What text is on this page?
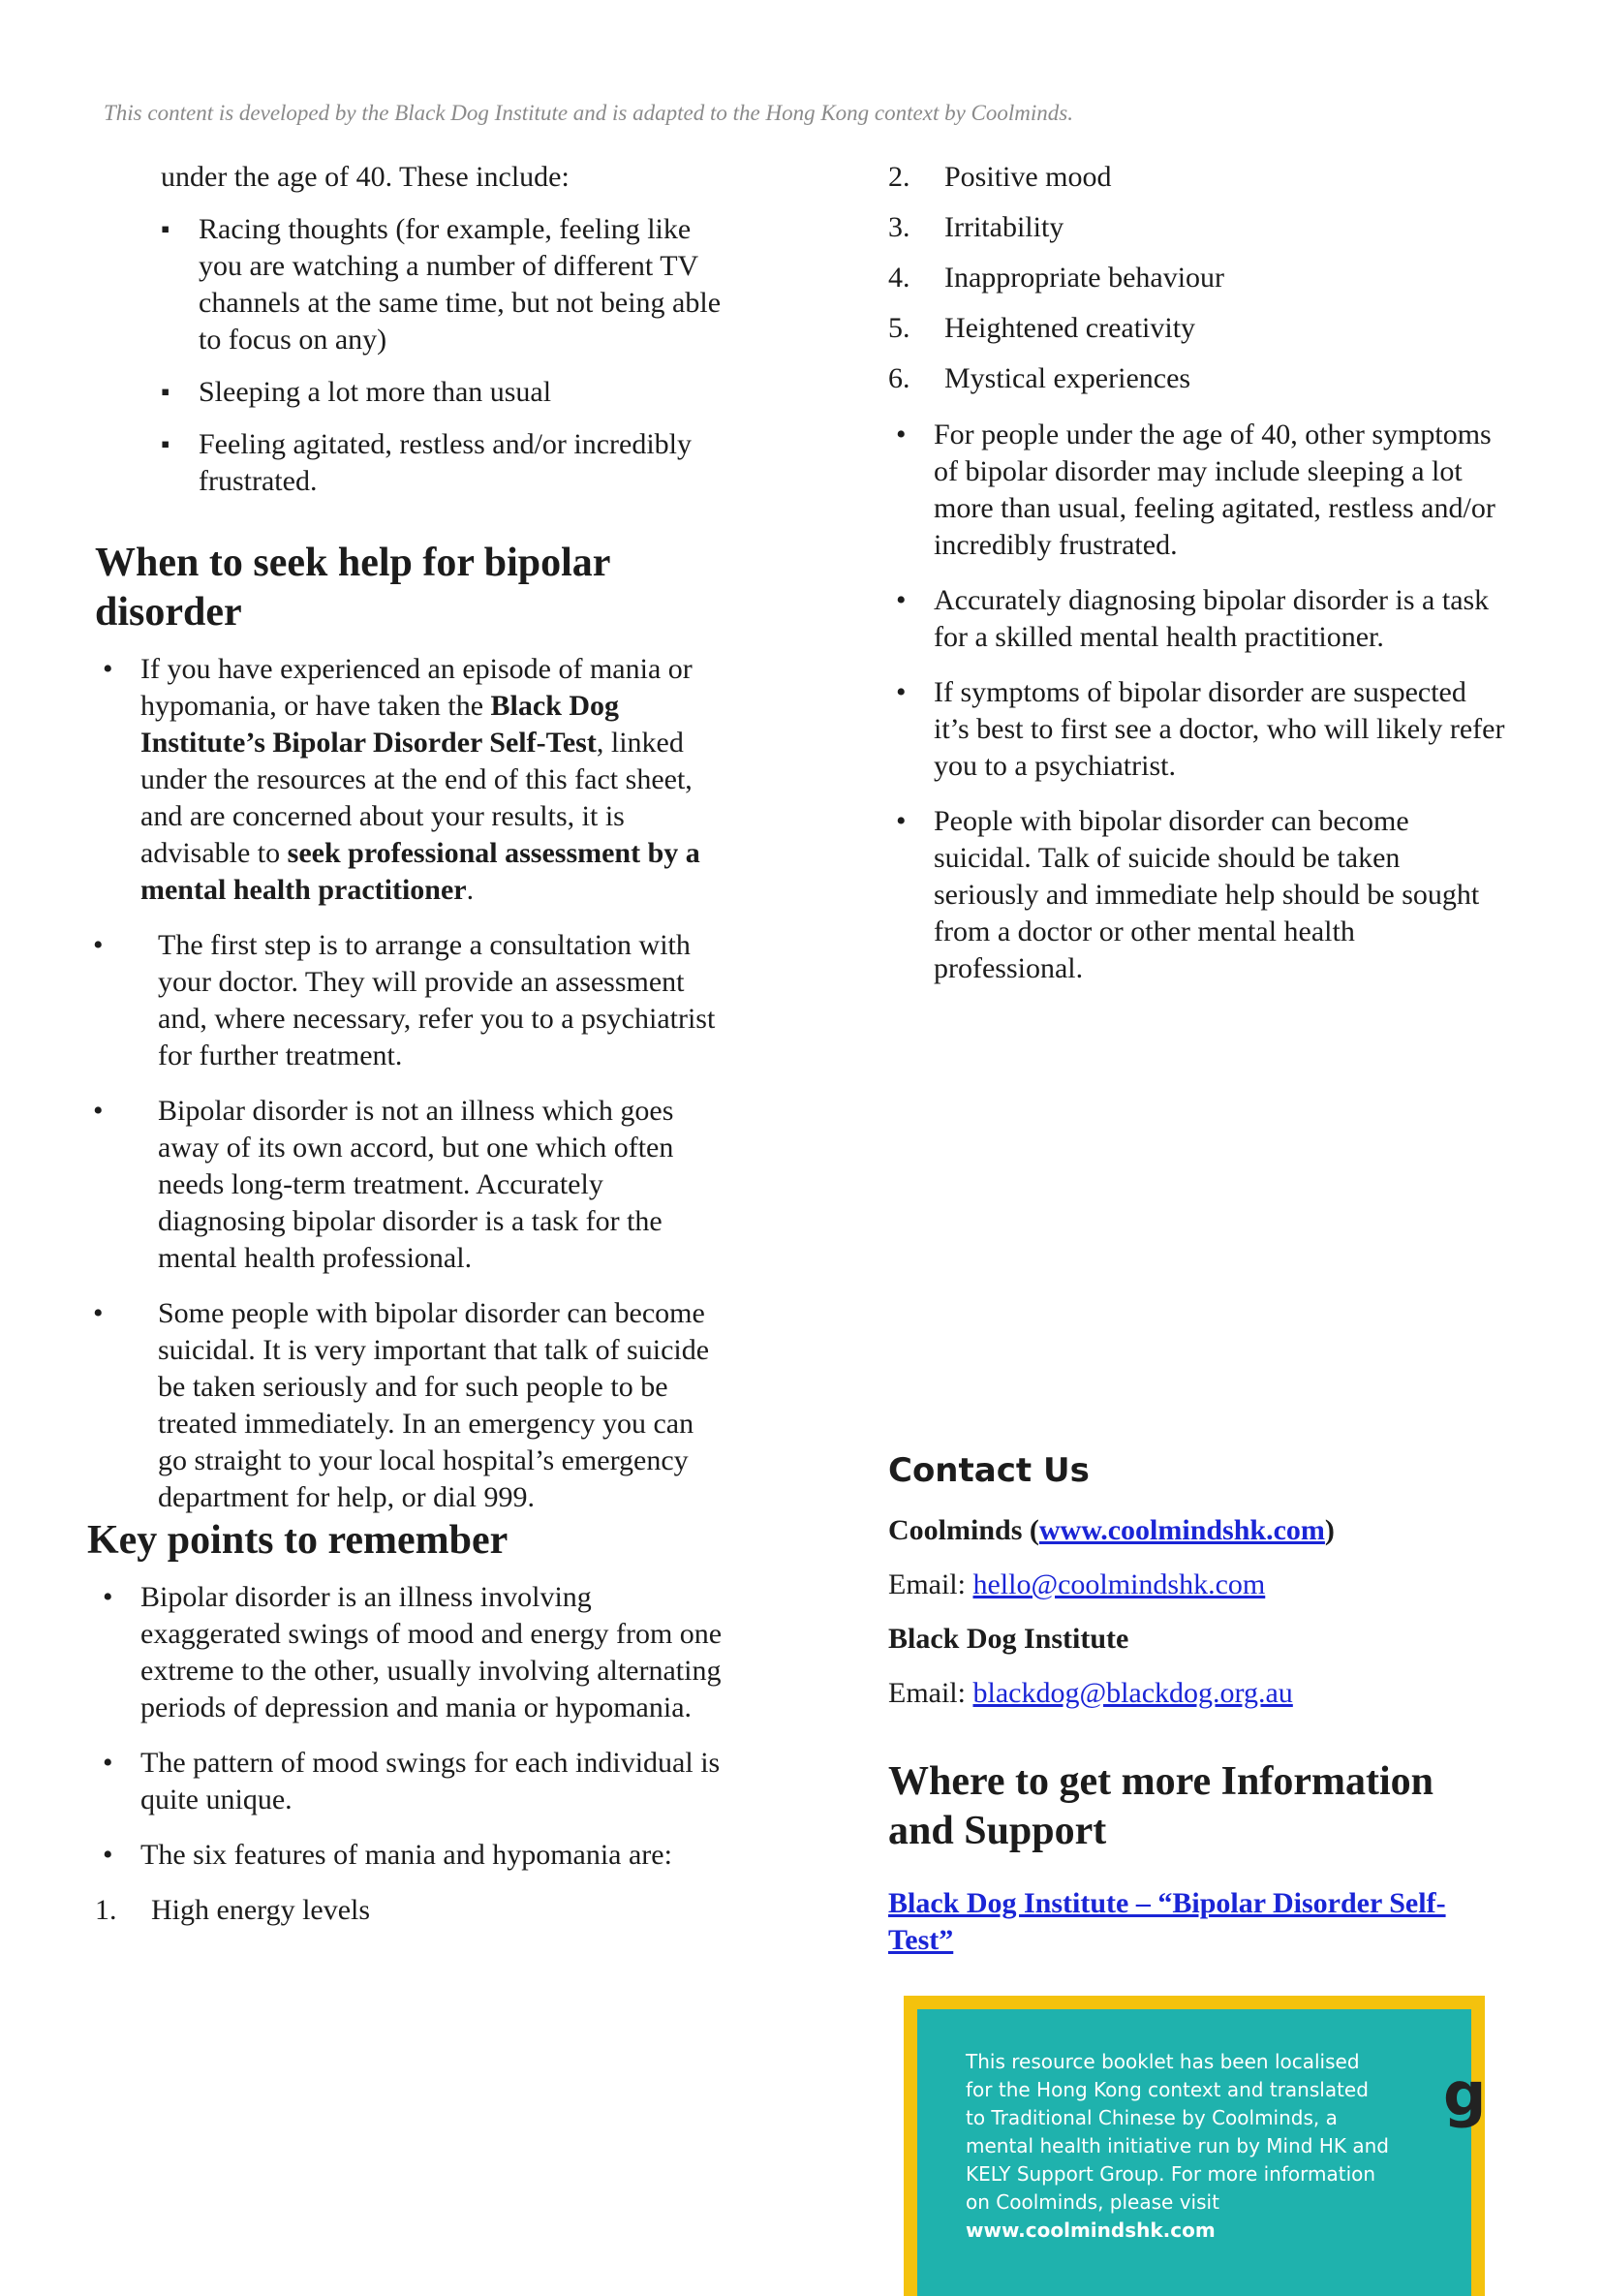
This content is developed by the Black Dog Institute and is adapted to the Hong Kong context by Coolminds.

under the age of 40. These include:

▪ Racing thoughts (for example, feeling like you are watching a number of different TV channels at the same time, but not being able to focus on any)
▪ Sleeping a lot more than usual
▪ Feeling agitated, restless and/or incredibly frustrated.
When to seek help for bipolar disorder
• If you have experienced an episode of mania or hypomania, or have taken the Black Dog Institute’s Bipolar Disorder Self-Test, linked under the resources at the end of this fact sheet, and are concerned about your results, it is advisable to seek professional assessment by a mental health practitioner.
• The first step is to arrange a consultation with your doctor. They will provide an assessment and, where necessary, refer you to a psychiatrist for further treatment.
• Bipolar disorder is not an illness which goes away of its own accord, but one which often needs long-term treatment. Accurately diagnosing bipolar disorder is a task for the mental health professional.
• Some people with bipolar disorder can become suicidal. It is very important that talk of suicide be taken seriously and for such people to be treated immediately. In an emergency you can go straight to your local hospital’s emergency department for help, or dial 999.
Key points to remember
• Bipolar disorder is an illness involving exaggerated swings of mood and energy from one extreme to the other, usually involving alternating periods of depression and mania or hypomania.
• The pattern of mood swings for each individual is quite unique.
• The six features of mania and hypomania are:
1.	High energy levels
2.	Positive mood
3.	Irritability
4.	Inappropriate behaviour
5.	Heightened creativity
6.	Mystical experiences
• For people under the age of 40, other symptoms of bipolar disorder may include sleeping a lot more than usual, feeling agitated, restless and/or incredibly frustrated.
• Accurately diagnosing bipolar disorder is a task for a skilled mental health practitioner.
• If symptoms of bipolar disorder are suspected it’s best to first see a doctor, who will likely refer you to a psychiatrist.
• People with bipolar disorder can become suicidal. Talk of suicide should be taken seriously and immediate help should be sought from a doctor or other mental health professional.

Contact Us

Coolminds (www.coolmindshk.com)

Email: hello@coolmindshk.com

Black Dog Institute

Email: blackdog@blackdog.org.au

Where to get more Information and Support
Black Dog Institute – “Bipolar Disorder Self-Test”
This resource booklet has been localised for the Hong Kong context and translated to Traditional Chinese by Coolminds, a mental health initiative run by Mind HK and KELY Support Group. For more information on Coolminds, please visit
www.coolmindshk.com
g
